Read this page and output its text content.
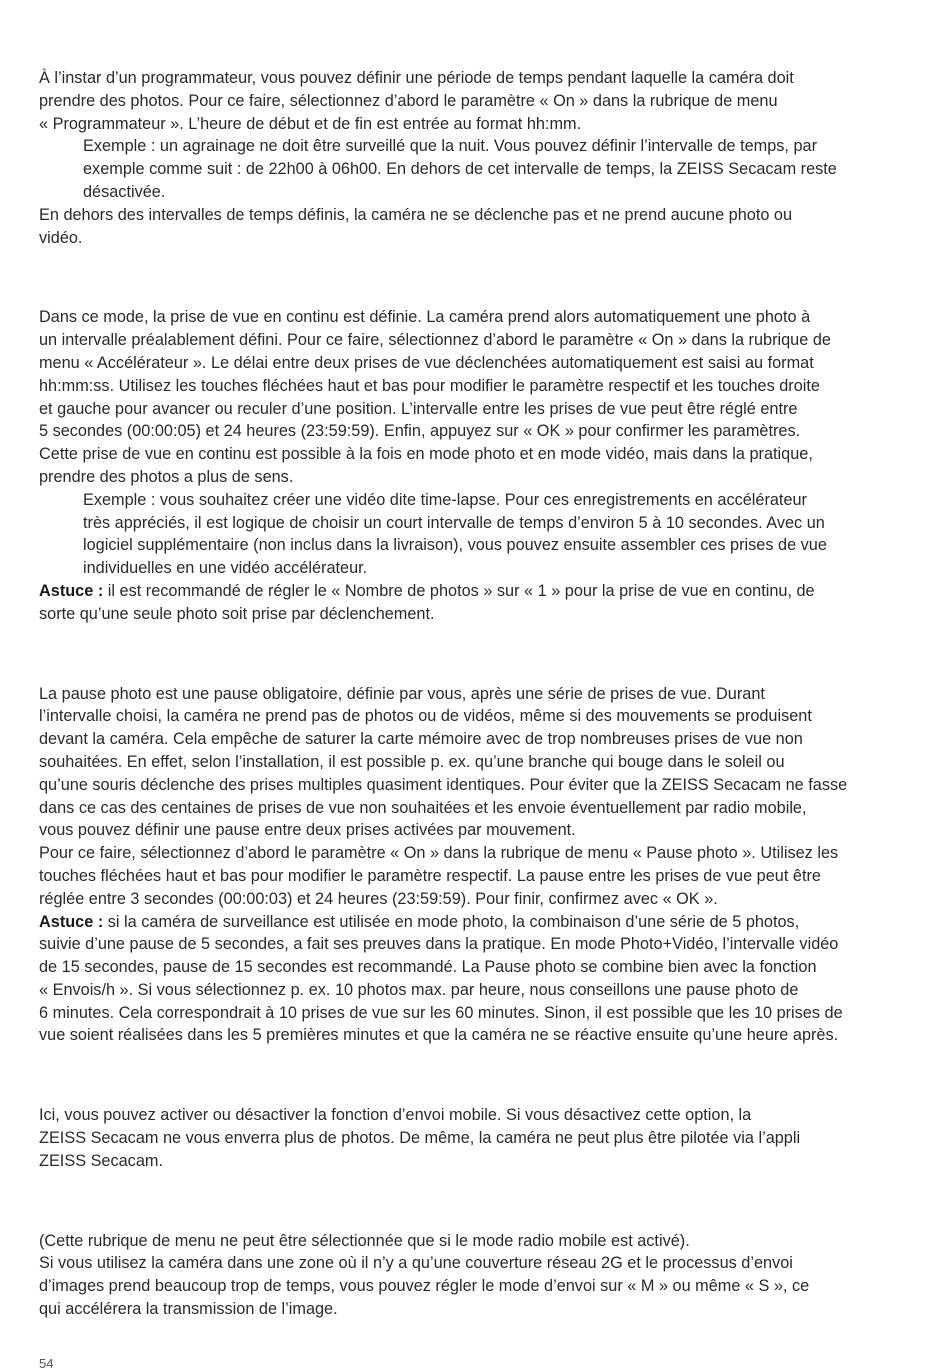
À l’instar d’un programmateur, vous pouvez définir une période de temps pendant laquelle la caméra doit
prendre des photos. Pour ce faire, sélectionnez d’abord le paramètre « On » dans la rubrique de menu
« Programmateur ». L’heure de début et de fin est entrée au format hh:mm.

Exemple : un agrainage ne doit être surveillé que la nuit. Vous pouvez définir l’intervalle de temps, par
exemple comme suit : de 22h00 à 06h00. En dehors de cet intervalle de temps, la ZEISS Secacam reste
désactivée.

En dehors des intervalles de temps définis, la caméra ne se déclenche pas et ne prend aucune photo ou
vidéo.

Dans ce mode, la prise de vue en continu est définie. La caméra prend alors automatiquement une photo à
un intervalle préalablement défini. Pour ce faire, sélectionnez d’abord le paramètre « On » dans la rubrique de
menu « Accélérateur ». Le délai entre deux prises de vue déclenchées automatiquement est saisi au format
hh:mm:ss. Utilisez les touches fléchées haut et bas pour modifier le paramètre respectif et les touches droite
et gauche pour avancer ou reculer d’une position. L’intervalle entre les prises de vue peut être réglé entre
5 secondes (00:00:05) et 24 heures (23:59:59). Enfin, appuyez sur « OK » pour confirmer les paramètres.
Cette prise de vue en continu est possible à la fois en mode photo et en mode vidéo, mais dans la pratique,
prendre des photos a plus de sens.

Exemple : vous souhaitez créer une vidéo dite time-lapse. Pour ces enregistrements en accélérateur
très appréciés, il est logique de choisir un court intervalle de temps d’environ 5 à 10 secondes. Avec un
logiciel supplémentaire (non inclus dans la livraison), vous pouvez ensuite assembler ces prises de vue
individuelles en une vidéo accélérateur.

Astuce : il est recommandé de régler le « Nombre de photos » sur « 1 » pour la prise de vue en continu, de
sorte qu’une seule photo soit prise par déclenchement.

La pause photo est une pause obligatoire, définie par vous, après une série de prises de vue. Durant
l’intervalle choisi, la caméra ne prend pas de photos ou de vidéos, même si des mouvements se produisent
devant la caméra. Cela empêche de saturer la carte mémoire avec de trop nombreuses prises de vue non
souhaitées. En effet, selon l’installation, il est possible p. ex. qu’une branche qui bouge dans le soleil ou
qu’une souris déclenche des prises multiples quasiment identiques. Pour éviter que la ZEISS Secacam ne fasse
dans ce cas des centaines de prises de vue non souhaitées et les envoie éventuellement par radio mobile,
vous pouvez définir une pause entre deux prises activées par mouvement.

Pour ce faire, sélectionnez d’abord le paramètre « On » dans la rubrique de menu « Pause photo ». Utilisez les
touches fléchées haut et bas pour modifier le paramètre respectif. La pause entre les prises de vue peut être
réglée entre 3 secondes (00:00:03) et 24 heures (23:59:59). Pour finir, confirmez avec « OK ».

Astuce : si la caméra de surveillance est utilisée en mode photo, la combinaison d’une série de 5 photos,
suivie d’une pause de 5 secondes, a fait ses preuves dans la pratique. En mode Photo+Vidéo, l’intervalle vidéo
de 15 secondes, pause de 15 secondes est recommandé. La Pause photo se combine bien avec la fonction
« Envois/h ». Si vous sélectionnez p. ex. 10 photos max. par heure, nous conseillons une pause photo de
6 minutes. Cela correspondrait à 10 prises de vue sur les 60 minutes. Sinon, il est possible que les 10 prises de
vue soient réalisées dans les 5 premières minutes et que la caméra ne se réactive ensuite qu’une heure après.

Ici, vous pouvez activer ou désactiver la fonction d’envoi mobile. Si vous désactivez cette option, la
ZEISS Secacam ne vous enverra plus de photos. De même, la caméra ne peut plus être pilotée via l’appli
ZEISS Secacam.

(Cette rubrique de menu ne peut être sélectionnée que si le mode radio mobile est activé).

Si vous utilisez la caméra dans une zone où il n’y a qu’une couverture réseau 2G et le processus d’envoi
d’images prend beaucoup trop de temps, vous pouvez régler le mode d’envoi sur « M » ou même « S », ce
qui accélérera la transmission de l’image.

54
